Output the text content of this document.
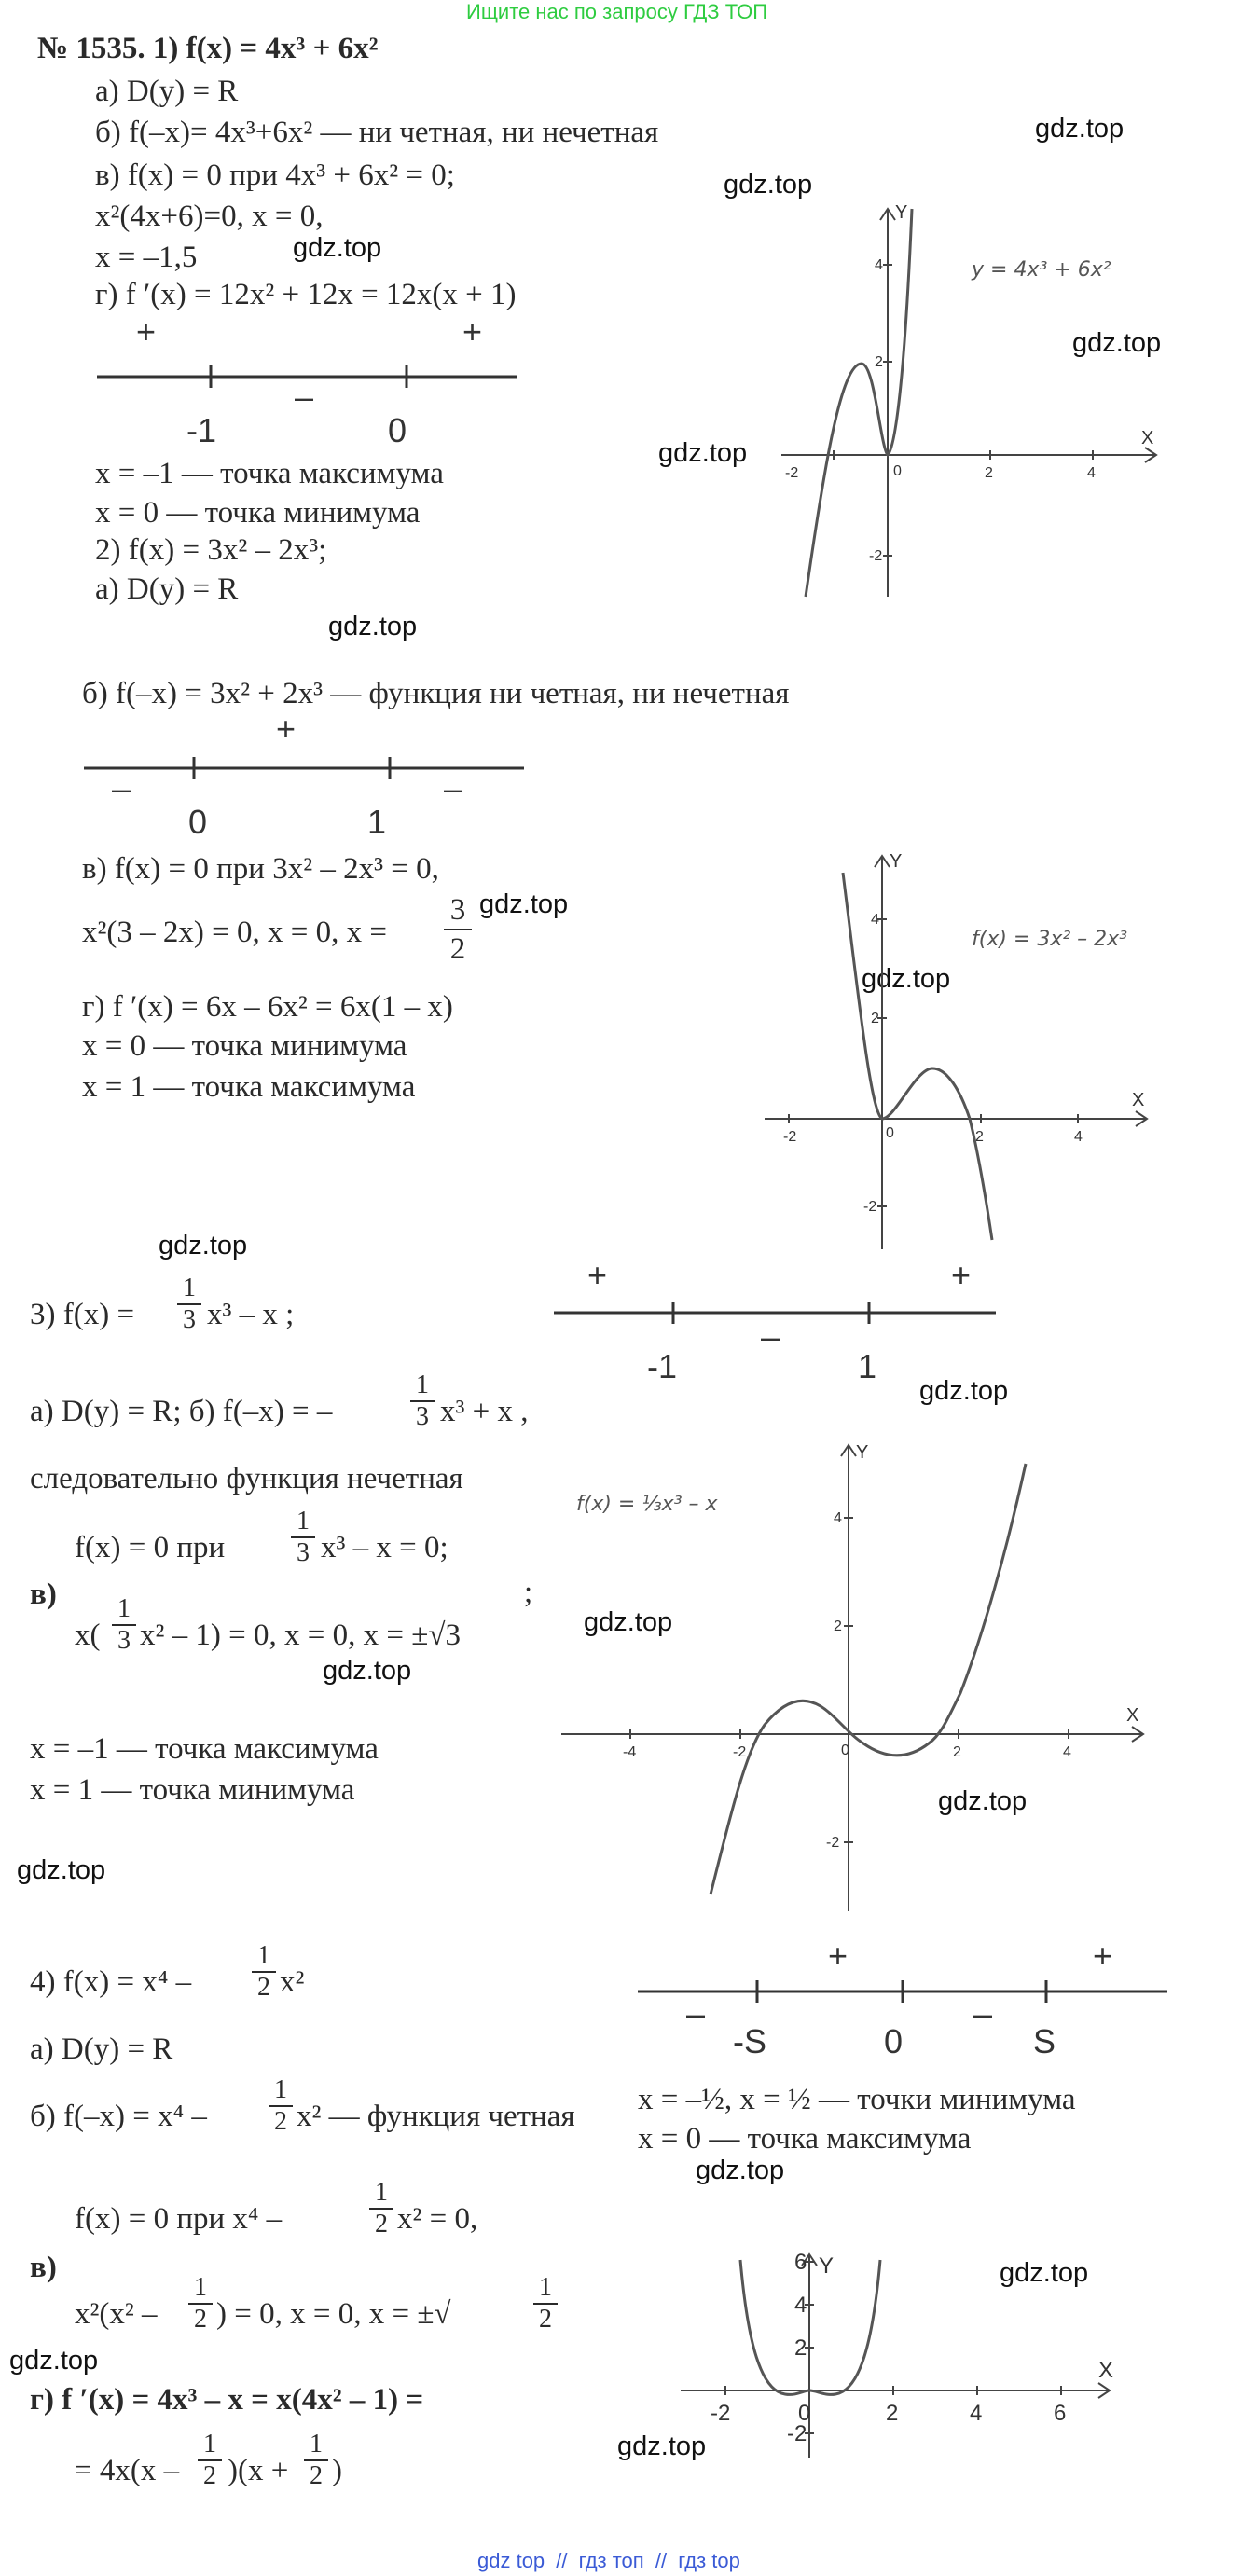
Ищите нас по запросу ГДЗ ТОП
gdz.top
gdz.top
gdz.top
gdz.top
gdz.top
gdz.top
gdz.top
gdz.top
gdz.top
gdz.top
gdz.top
gdz.top
gdz.top
gdz.top
gdz.top
gdz.top
gdz.top
gdz.top
№ 1535. 1) f(x) = 4x³ + 6x²
а) D(y) = R
б) f(–x)= 4x³+6x² — ни четная, ни нечетная
в) f(x) = 0 при 4x³ + 6x² = 0;
x²(4x+6)=0, x = 0,
x = –1,5
г) f ′(x) = 12x² + 12x = 12x(x + 1)
+
–
+
-1	0
x = –1 — точка максимума
x = 0 — точка минимума
-2	2	4
4
2
-2
0
X
Y
y = 4x³ + 6x²
2) f(x) = 3x² – 2x³;
а) D(y) = R
б) f(–x) = 3x² + 2x³ — функция ни четная, ни нечетная
–
+
–
0	1
в) f(x) = 0 при 3x² – 2x³ = 0,
x²(3 – 2x) = 0, x = 0, $x = \frac{3}{2}$
г) f ′(x) = 6x – 6x² = 6x(1 – x)
x = 0 — точка минимума
x = 1 — точка максимума
-2	2	4
4
2
-2
0
X
Y
f(x) = 3x² – 2x³
3) $f(x) = \frac{1}{3} x^3 - x$ ;
+
–
+
-1	1
а) D(y) = R; б) f(–x) = –	$\frac{1}{3} x^3 + x$ ,
следовательно функция нечетная
в)
f(x) = 0 при	$\frac{1}{3} x^3 - x = 0$;
$x( \frac{1}{3} x^2 - 1) = 0$, x = 0, x = ±√3
;
x = –1 — точка максимума
x = 1 — точка минимума
-4	-2	2	4
4
2
-2
0
X
Y
f(x) = ⅓x³ – x
4) $f(x) = x^4 - \frac{1}{2} x^2$
–
+
–
+
-S	0	S
а) D(y) = R
б) $f(-x) = x^4 - \frac{1}{2} x^2$ — функция четная x = –½, x = ½ — точки минимума
x = 0 — точка максимума
в)
f(x) = 0 при x⁴ –	$\frac{1}{2} x^2 = 0$,
$x^2(x^2 - \frac{1}{2}$ ) = 0, x = 0, x = ±√	$\frac{1}{2}$
г) f ′(x) = 4x³ – x = x(4x² – 1) =
= $4x(x - \frac{1}{2} )(x + \frac{1}{2}$ )
-2	0	2	4	6
6
4
2
-2
X
Y
gdz top // гдз топ // гдз top
